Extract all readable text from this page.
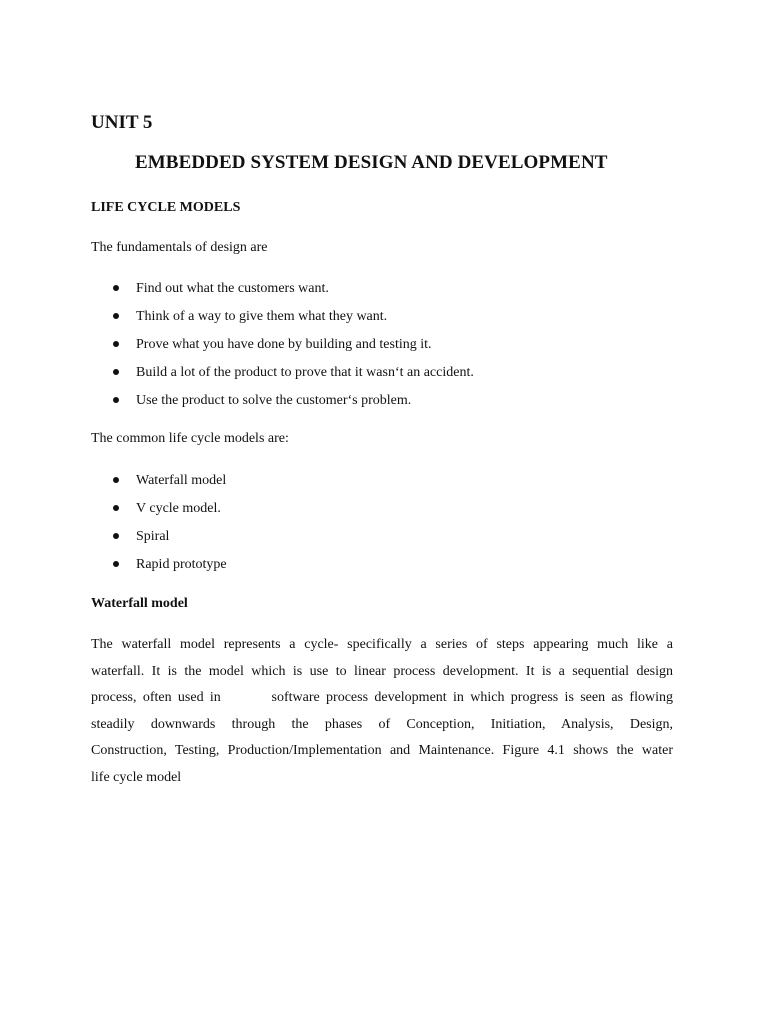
UNIT 5
EMBEDDED SYSTEM DESIGN AND DEVELOPMENT
LIFE CYCLE MODELS

The fundamentals of design are

Find out what the customers want.
Think of a way to give them what they want.
Prove what you have done by building and testing it.
Build a lot of the product to prove that it wasn‘t an accident.
Use the product to solve the customer‘s problem.

The common life cycle models are:

Waterfall model
V cycle model.
Spiral
Rapid prototype
Waterfall model
The waterfall model represents a cycle- specifically a series of steps appearing much like a
waterfall. It is the model which is use to linear process development. It is a sequential design
process, often used in        software process development in which progress is seen as flowing
steadily downwards through the phases of Conception, Initiation, Analysis, Design,
Construction, Testing, Production/Implementation and Maintenance. Figure 4.1 shows the water
life cycle model
